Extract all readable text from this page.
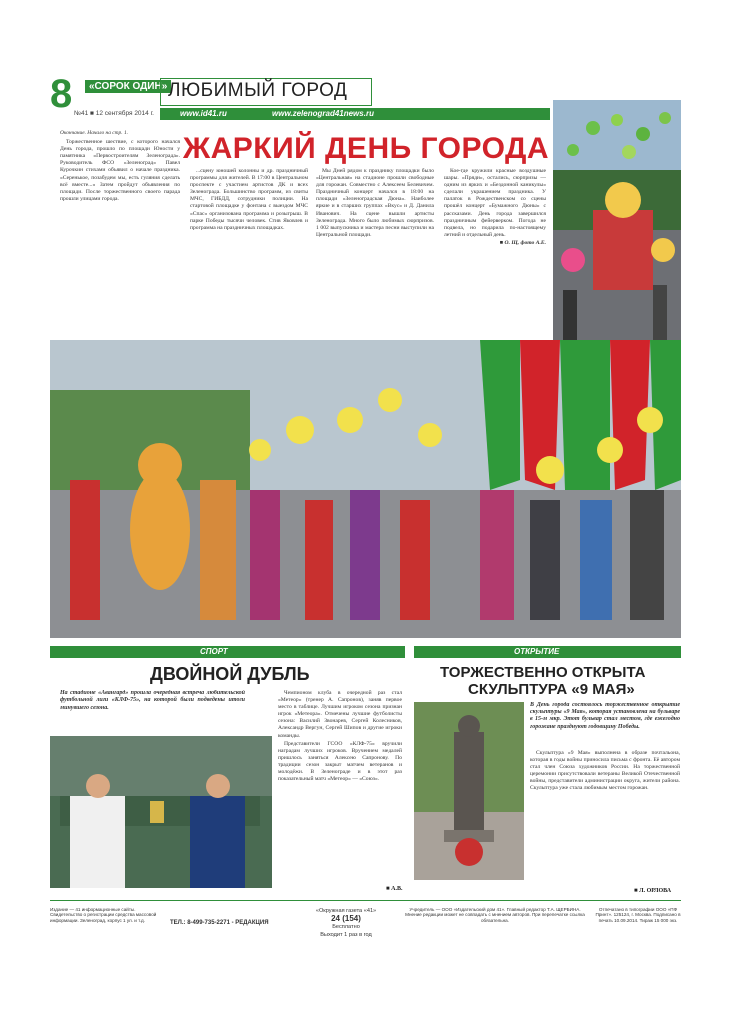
8	«СОРОК ОДИН» ЛЮБИМЫЙ ГОРОД
№41 ■ 12 сентября 2014 г.	www.id41.ru	www.zelenograd41news.ru
ЖАРКИЙ ДЕНЬ ГОРОДА
Окончание. Начало на стр. 1.

Торжественное шествие, с которого начался День города, прошло по площади Юности у памятника «Первостроителям Зеленограда». Руководитель ФСО «Зеленоград» Павел Курочкин стихами объявил о начале праздника. «Серенькое, позабудем мы, есть гуляния сделать всё вместе...» Затем пройдут объявления по площади. После торжественного своего парада прошли улицами города.

...сцену юношей колонны и др. праздничный программы для жителей. В 17:00 в Центральном проспекте с участием артистов ДК и всех Зеленограда. Большинство программ, из свиты МЧС, ГИБДД, сотрудники полиции. На стартовой площадке у фонтана с выездом МЧС «Спас» организована программа и розыгрыш. В парке Победы тысячи человек. Стив Яковлев и программа на праздничных площадках.

Мы Дней рядом к празднику площадки было «Центральная» на стадионе прошли свободные для горожан. Совместно с Алексеем Белевичем. Праздничный концерт начался в 18:00 на площади «Зеленоградская Дюна». Наиболее яркие и в старших группах «Вкус» и Д. Данила Иванович. На сцене вышли артисты Зеленограда. Много было любимых сюрпризов. 1 002 выпускника и мастера песни выступили на Центральной площади.

Кое-где кружили красные воздушные шары. «Пряди», остались, сюрпризы — одним из ярких и «Бездонной каникулы» сделали украшением праздника. У палаток в Рождественском со сцены прошёл концерт «Бумажного Дюны» с рассказами. День города завершился праздничным фейерверком. Погода не подвела, но подарила по-настоящему летний и отдельный день.

■ О. Щ, фото А.Е.
СПОРТ
ДВОЙНОЙ ДУБЛЬ
На стадионе «Авангард» прошла очередная встреча любительской футбольной лиги «КЛФ-75», на которой были подведены итоги минувшего сезона.

Чемпионом клуба в очередной раз стал «Метеор» (тренер А. Сапронов), заняв первое место в таблице. Лучшим игроком сезона признан игрок «Метеора». Отмечены лучшие футболисты сезона: Василий Звонарев, Сергей Колесников, Александр Вергун, Сергей Шипов и другие игроки команды.

Представители ГСОО «КЛФ-75» вручили наградам лучших игроков. Вручением медалей пришлось заняться Алексею Сапронову. По традиции сезон закрыт матчем ветеранов и молодёжи. В Зеленограде и в этот раз показательный матч «Метеор» — «Союз».

■ А.В.
ОТКРЫТИЕ
ТОРЖЕСТВЕННО ОТКРЫТА
СКУЛЬПТУРА «9 МАЯ»
В День города состоялось торжественное открытие скульптуры «9 Мая», которая установлена на бульваре в 15-м мкр. Этот бульвар стал местом, где ежегодно горожане празднуют годовщину Победы.

Скульптура «9 Мая» выполнена в образе почтальона, которая в годы войны приносила письма с фронта. Её автором стал член Союза художников России. На торжественной церемонии присутствовали ветераны Великой Отечественной войны, представители администрации округа, жители района. Скульптура уже стала любимым местом горожан.

■ Л. ОРЛОВА
Издание — 41 информационные сайты. Свидетельство о регистрации средства массовой информации. Зеленоград, корпус 1 ул. и т.д.	ТЕЛ.: 8-499-735-2271 - РЕДАКЦИЯ
«Окружная газета «41»
24 (154)
Бесплатно
Выходит 1 раз в год
Учредитель — ООО «Издательский дом 41». Главный редактор Т.А. ЩЕРБИНА. Мнение редакции может не совпадать с мнением авторов. При перепечатке ссылка обязательна.
Отпечатано в типографии ООО «ПФ Принт». 125124, г. Москва. Подписано в печать 10.09.2014. Тираж 15 000 экз.
